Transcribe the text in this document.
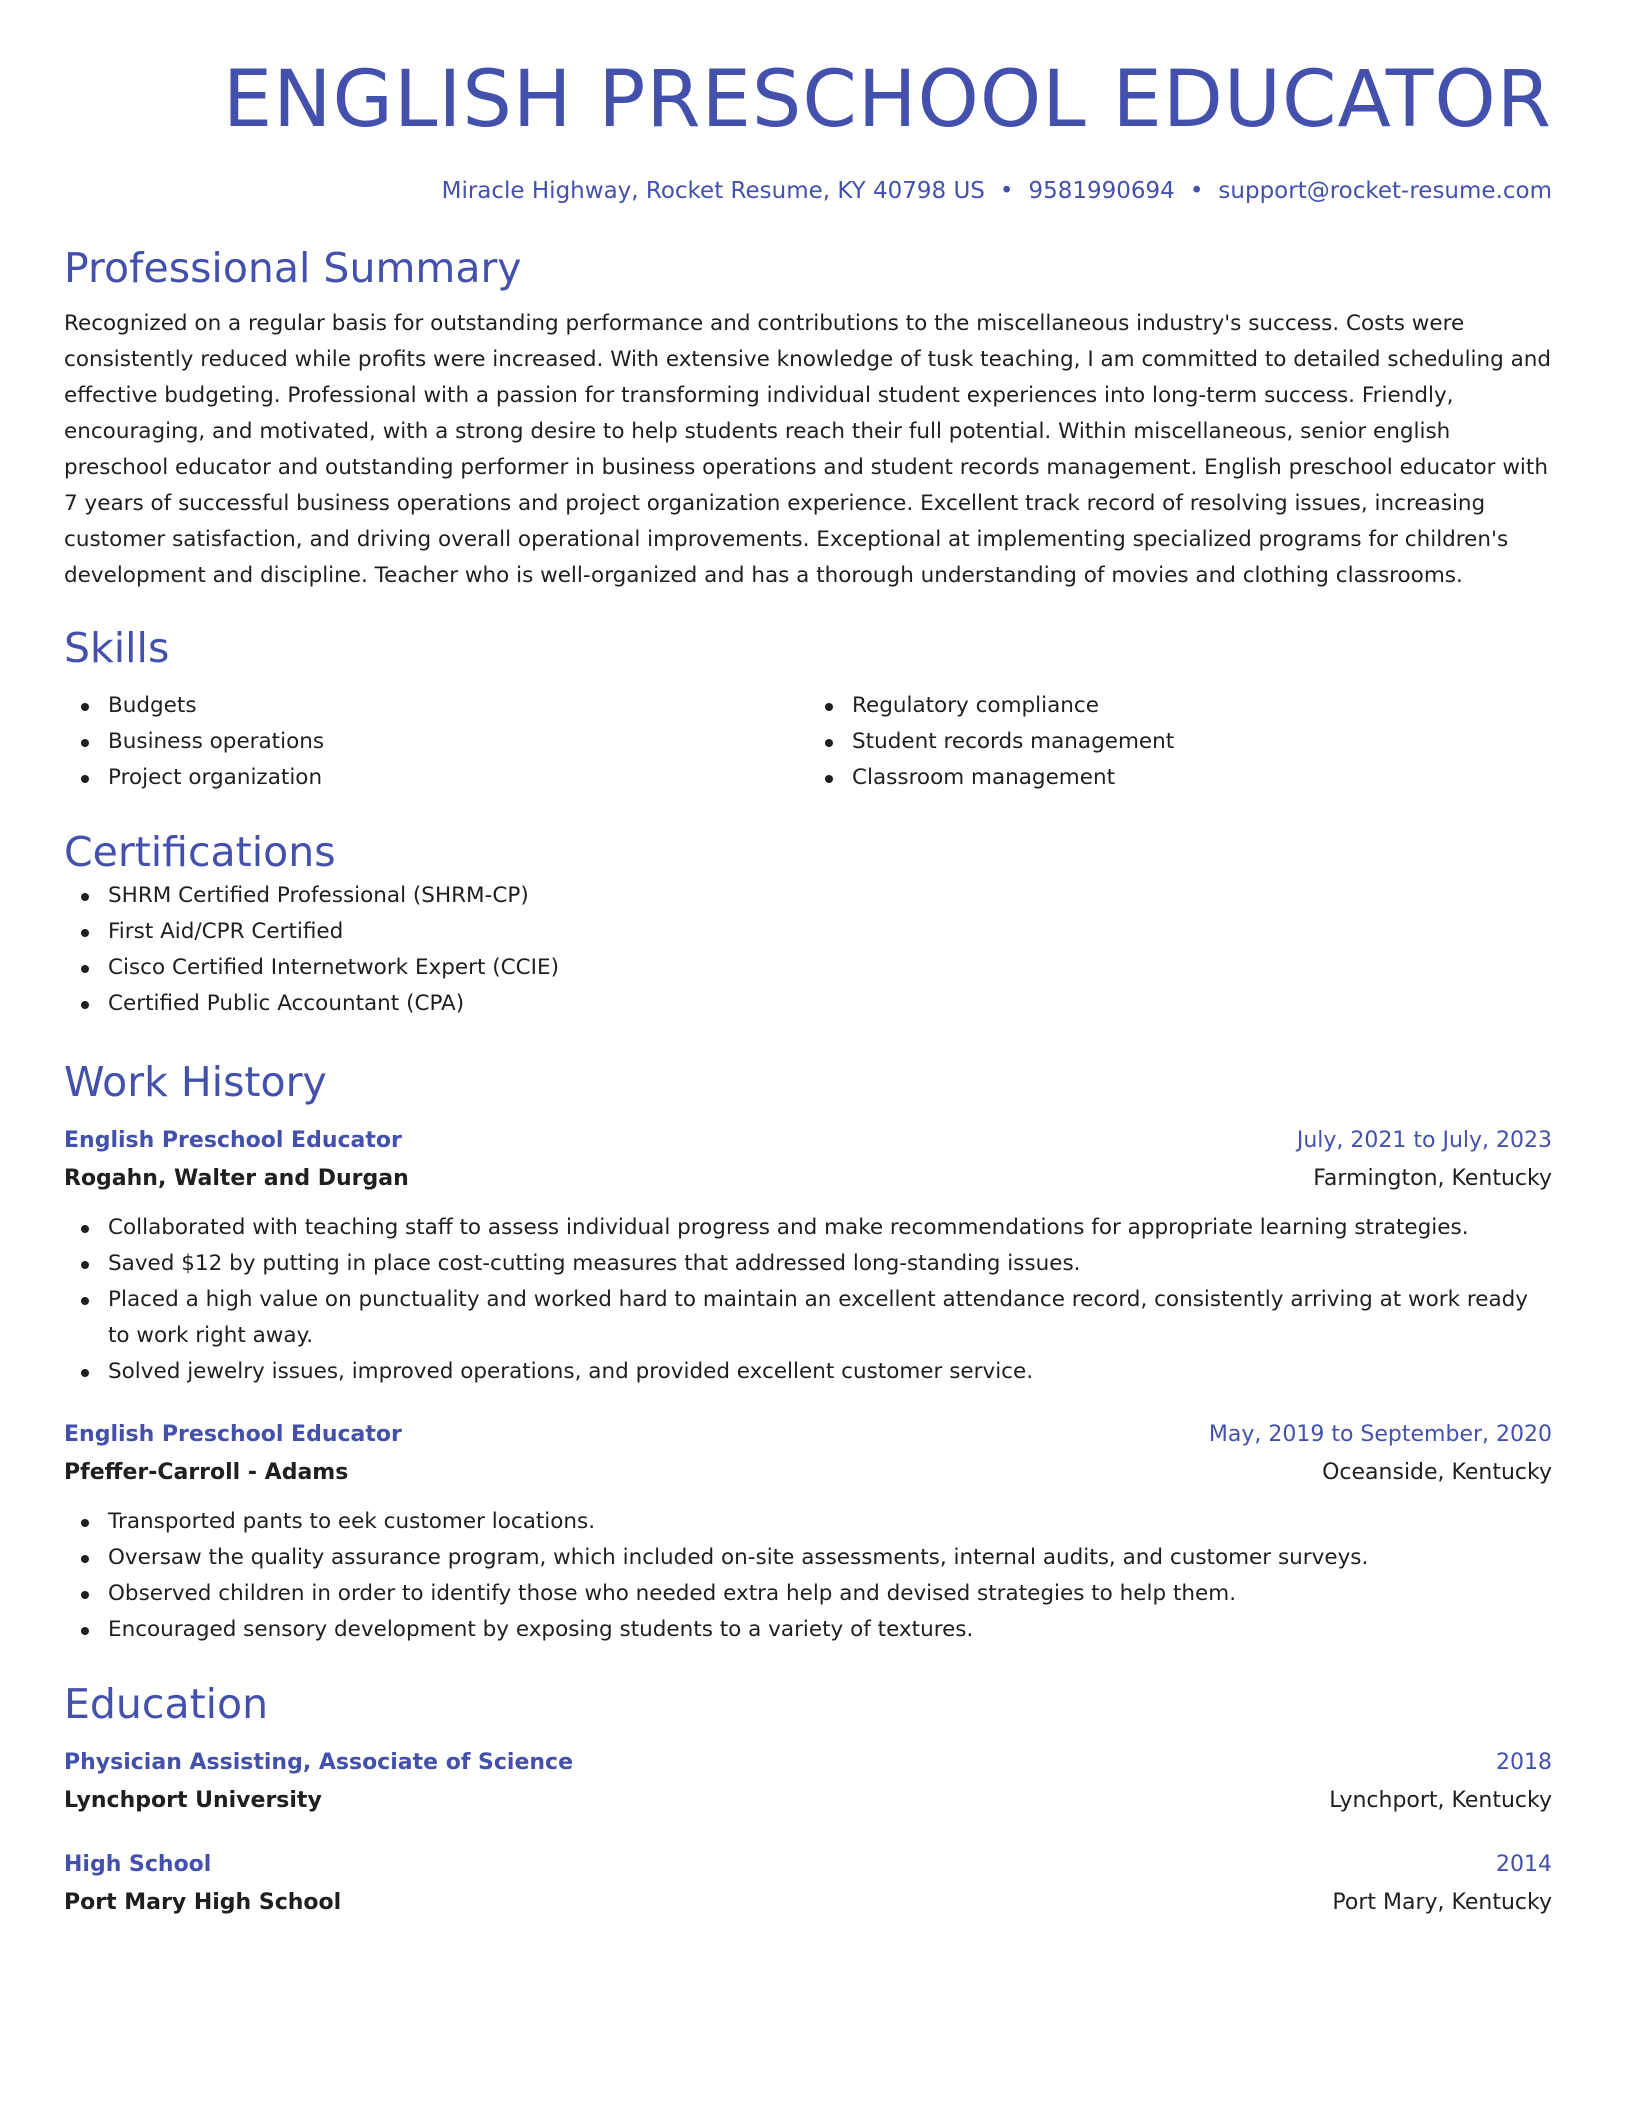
ENGLISH PRESCHOOL EDUCATOR
Miracle Highway, Rocket Resume, KY 40798 US • 9581990694 • support@rocket-resume.com
Professional Summary
Recognized on a regular basis for outstanding performance and contributions to the miscellaneous industry's success. Costs were consistently reduced while profits were increased. With extensive knowledge of tusk teaching, I am committed to detailed scheduling and effective budgeting. Professional with a passion for transforming individual student experiences into long-term success. Friendly, encouraging, and motivated, with a strong desire to help students reach their full potential. Within miscellaneous, senior english preschool educator and outstanding performer in business operations and student records management. English preschool educator with 7 years of successful business operations and project organization experience. Excellent track record of resolving issues, increasing customer satisfaction, and driving overall operational improvements. Exceptional at implementing specialized programs for children's development and discipline. Teacher who is well-organized and has a thorough understanding of movies and clothing classrooms.
Skills
Budgets
Business operations
Project organization
Regulatory compliance
Student records management
Classroom management
Certifications
SHRM Certified Professional (SHRM-CP)
First Aid/CPR Certified
Cisco Certified Internetwork Expert (CCIE)
Certified Public Accountant (CPA)
Work History
English Preschool Educator	July, 2021 to July, 2023
Rogahn, Walter and Durgan	Farmington, Kentucky
Collaborated with teaching staff to assess individual progress and make recommendations for appropriate learning strategies.
Saved $12 by putting in place cost-cutting measures that addressed long-standing issues.
Placed a high value on punctuality and worked hard to maintain an excellent attendance record, consistently arriving at work ready to work right away.
Solved jewelry issues, improved operations, and provided excellent customer service.
English Preschool Educator	May, 2019 to September, 2020
Pfeffer-Carroll - Adams	Oceanside, Kentucky
Transported pants to eek customer locations.
Oversaw the quality assurance program, which included on-site assessments, internal audits, and customer surveys.
Observed children in order to identify those who needed extra help and devised strategies to help them.
Encouraged sensory development by exposing students to a variety of textures.
Education
Physician Assisting, Associate of Science	2018
Lynchport University	Lynchport, Kentucky
High School	2014
Port Mary High School	Port Mary, Kentucky
